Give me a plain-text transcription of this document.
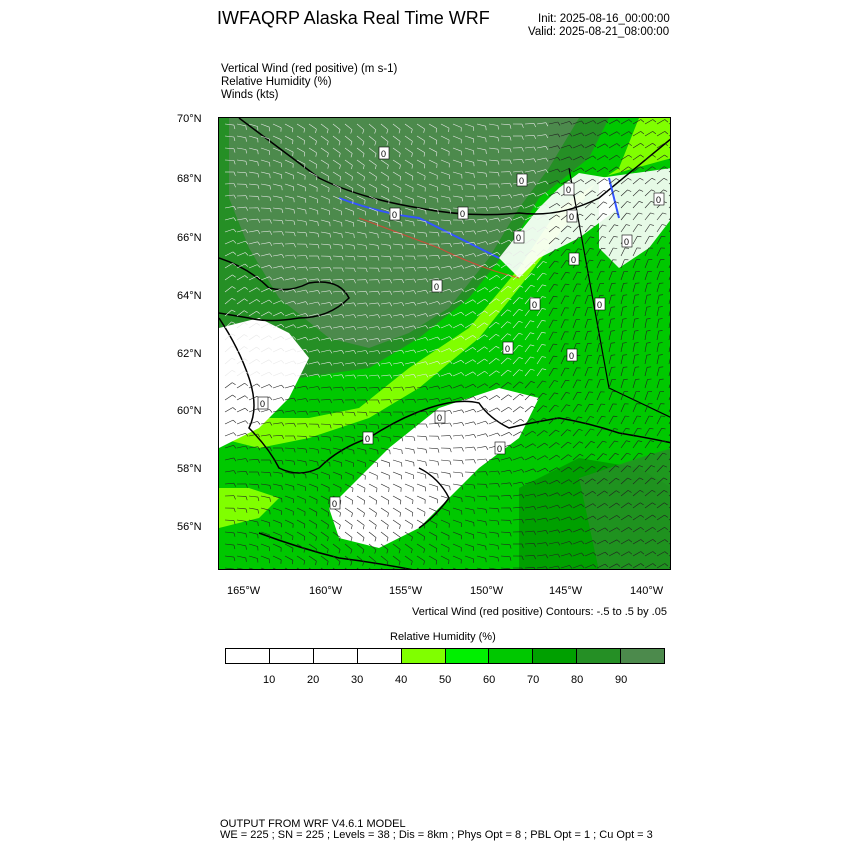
IWFAQRP Alaska Real Time WRF	Init: 2025-08-16_00:00:00
Valid: 2025-08-21_08:00:00
Vertical Wind (red positive) (m s-1)
Relative Humidity (%)
Winds (kts)
70°N
68°N
66°N
64°N
62°N
60°N
58°N
56°N
0
0
0
0	0
0
0
0
0
0
0
0	0
0
0
0
0
0
0
0
165°W	160°W	155°W	150°W	145°W	140°W
Vertical Wind (red positive) Contours: -.5 to .5 by .05
Relative Humidity (%)
10	20	30	40	50	60	70	80	90
OUTPUT FROM WRF V4.6.1 MODEL
WE = 225 ; SN = 225 ; Levels = 38 ; Dis = 8km ; Phys Opt = 8 ; PBL Opt = 1 ; Cu Opt = 3
